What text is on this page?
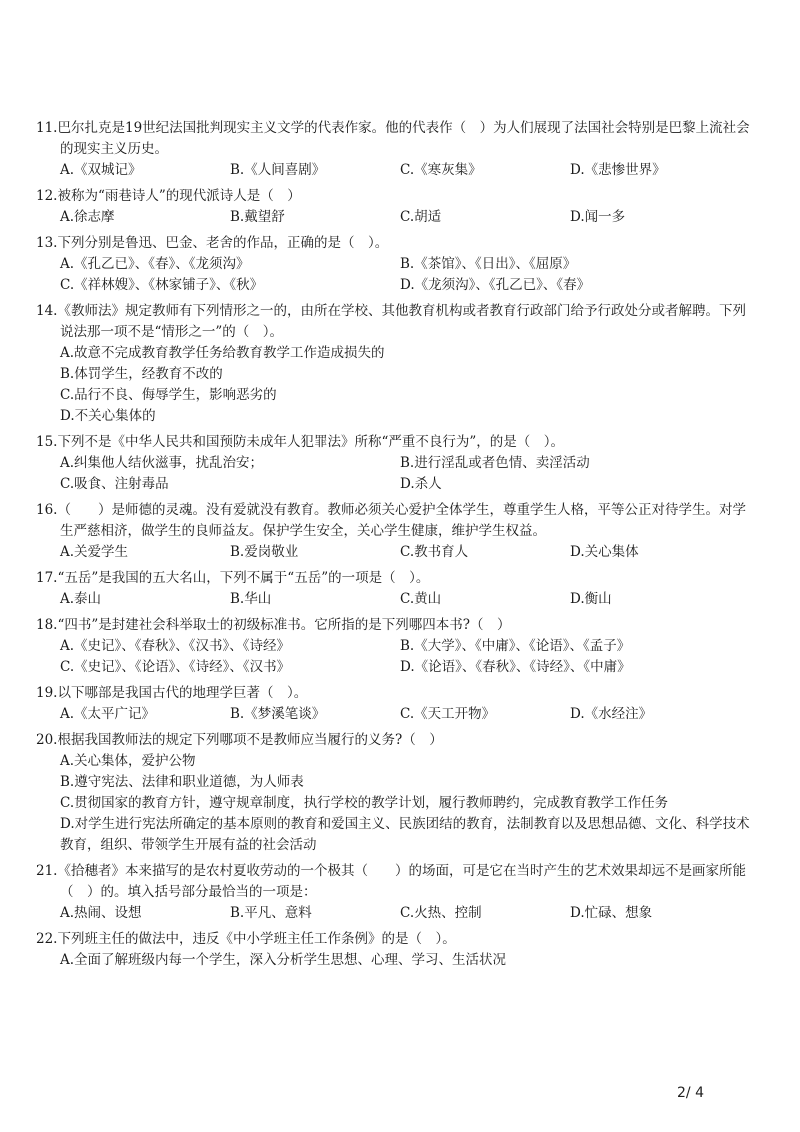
11.巴尔扎克是19世纪法国批判现实主义文学的代表作家。他的代表作（　）为人们展现了法国社会特别是巴黎上流社会的现实主义历史。
A.《双城记》	B.《人间喜剧》	C.《寒灰集》	D.《悲惨世界》
12.被称为“雨巷诗人”的现代派诗人是（　）
A.徐志摩	B.戴望舒	C.胡适	D.闻一多
13.下列分别是鲁迅、巴金、老舍的作品，正确的是（　）。
A.《孔乙已》、《春》、《龙须沟》	B.《茶馆》、《日出》、《屈原》
C.《祥林嫂》、《林家铺子》、《秋》	D.《龙须沟》、《孔乙已》、《春》
14.《教师法》规定教师有下列情形之一的，由所在学校、其他教育机构或者教育行政部门给予行政处分或者解聘。下列说法那一项不是“情形之一”的（　）。
A.故意不完成教育教学任务给教育教学工作造成损失的
B.体罚学生，经教育不改的
C.品行不良、侮辱学生，影响恶劣的
D.不关心集体的
15.下列不是《中华人民共和国预防未成年人犯罪法》所称“严重不良行为”，的是（　）。
A.纠集他人结伙滋事，扰乱治安；	B.进行淫乱或者色情、卖淫活动
C.吸食、注射毒品	D.杀人
16.（　　）是师德的灵魂。没有爱就没有教育。教师必须关心爱护全体学生，尊重学生人格，平等公正对待学生。对学生严慈相济，做学生的良师益友。保护学生安全，关心学生健康，维护学生权益。
A.关爱学生	B.爱岗敬业	C.教书育人	D.关心集体
17.“五岳”是我国的五大名山，下列不属于“五岳”的一项是（　）。
A.泰山	B.华山	C.黄山	D.衡山
18.“四书”是封建社会科举取士的初级标准书。它所指的是下列哪四本书?（　）
A.《史记》、《春秋》、《汉书》、《诗经》	B.《大学》、《中庸》、《论语》、《孟子》
C.《史记》、《论语》、《诗经》、《汉书》	D.《论语》、《春秋》、《诗经》、《中庸》
19.以下哪部是我国古代的地理学巨著（　）。
A.《太平广记》	B.《梦溪笔谈》	C.《天工开物》	D.《水经注》
20.根据我国教师法的规定下列哪项不是教师应当履行的义务?（　）
A.关心集体，爱护公物
B.遵守宪法、法律和职业道德，为人师表
C.贯彻国家的教育方针，遵守规章制度，执行学校的教学计划，履行教师聘约，完成教育教学工作任务
D.对学生进行宪法所确定的基本原则的教育和爱国主义、民族团结的教育，法制教育以及思想品德、文化、科学技术教育，组织、带领学生开展有益的社会活动
21.《拾穗者》本来描写的是农村夏收劳动的一个极其（　　）的场面，可是它在当时产生的艺术效果却远不是画家所能（　）的。填入括号部分最恰当的一项是：
A.热闹、设想	B.平凡、意料	C.火热、控制	D.忙碌、想象
22.下列班主任的做法中，违反《中小学班主任工作条例》的是（　）。
A.全面了解班级内每一个学生，深入分析学生思想、心理、学习、生活状况
2/ 4
